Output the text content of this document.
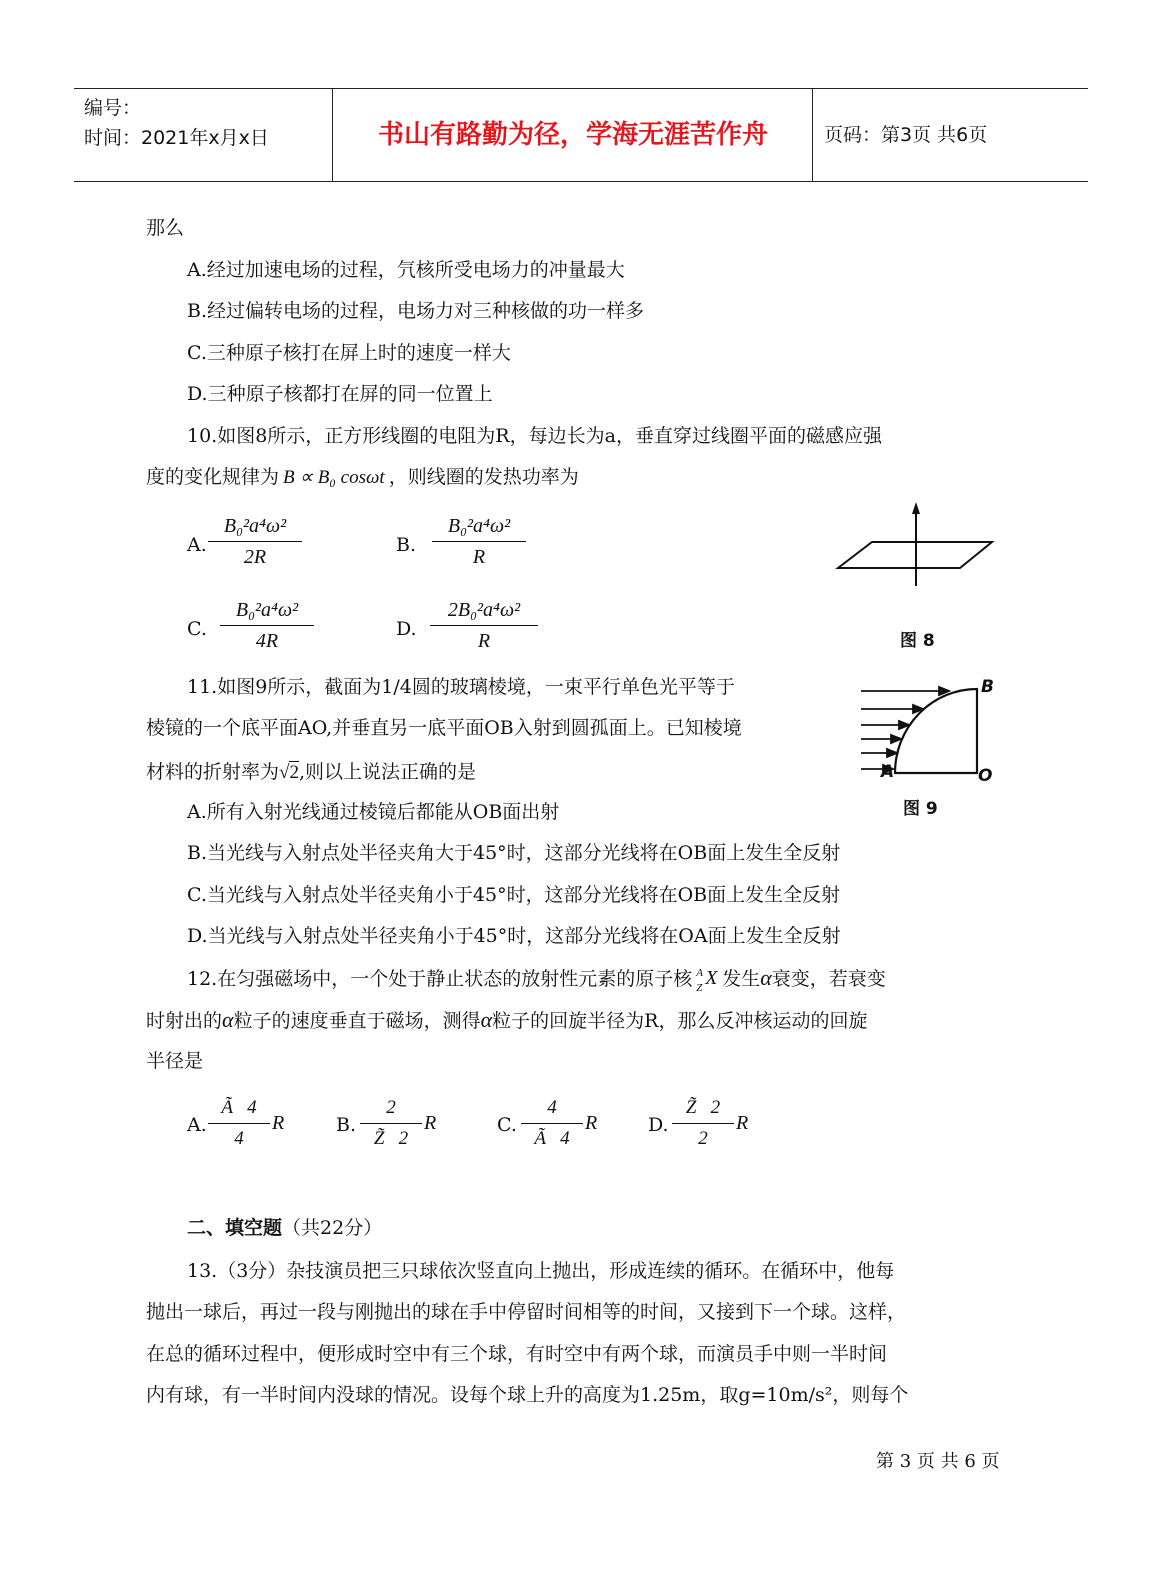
编号：
时间：2021年x月x日	书山有路勤为径，学海无涯苦作舟	页码：第3页 共6页
那么
A.经过加速电场的过程，氕核所受电场力的冲量最大
B.经过偏转电场的过程，电场力对三种核做的功一样多
C.三种原子核打在屏上时的速度一样大
D.三种原子核都打在屏的同一位置上
10.如图8所示，正方形线圈的电阻为R，每边长为a，垂直穿过线圈平面的磁感应强
度的变化规律为 B ∝ B₀ cosωt ，则线圈的发热功率为
A.
B₀²a⁴ω²
2R
B.
B₀²a⁴ω²
R
C.
B₀²a⁴ω²
4R
D.
2B₀²a⁴ω²
R	图 8
11.如图9所示，截面为1/4圆的玻璃棱境，一束平行单色光平等于
棱镜的一个底平面AO,并垂直另一底平面OB入射到圆孤面上。已知棱境
材料的折射率为√2,则以上说法正确的是
B
A	O
图 9
A.所有入射光线通过棱镜后都能从OB面出射
B.当光线与入射点处半径夹角大于45°时，这部分光线将在OB面上发生全反射
C.当光线与入射点处半径夹角小于45°时，这部分光线将在OB面上发生全反射
D.当光线与入射点处半径夹角小于45°时，这部分光线将在OA面上发生全反射
12.在匀强磁场中，一个处于静止状态的放射性元素的原子核 A
Z X 发生α衰变，若衰变
时射出的α粒子的速度垂直于磁场，测得α粒子的回旋半径为R，那么反冲核运动的回旋
半径是
A.
Ã   4
4
R	B.
2
Z̃   2
R	C.
4
Ã   4
R	D.
Z̃   2
2
R
二、填空题（共22分）
13.（3分）杂技演员把三只球依次竖直向上抛出，形成连续的循环。在循环中，他每
抛出一球后，再过一段与刚抛出的球在手中停留时间相等的时间，又接到下一个球。这样，
在总的循环过程中，便形成时空中有三个球，有时空中有两个球，而演员手中则一半时间
内有球，有一半时间内没球的情况。设每个球上升的高度为1.25m，取g=10m/s²，则每个
第 3 页 共 6 页
